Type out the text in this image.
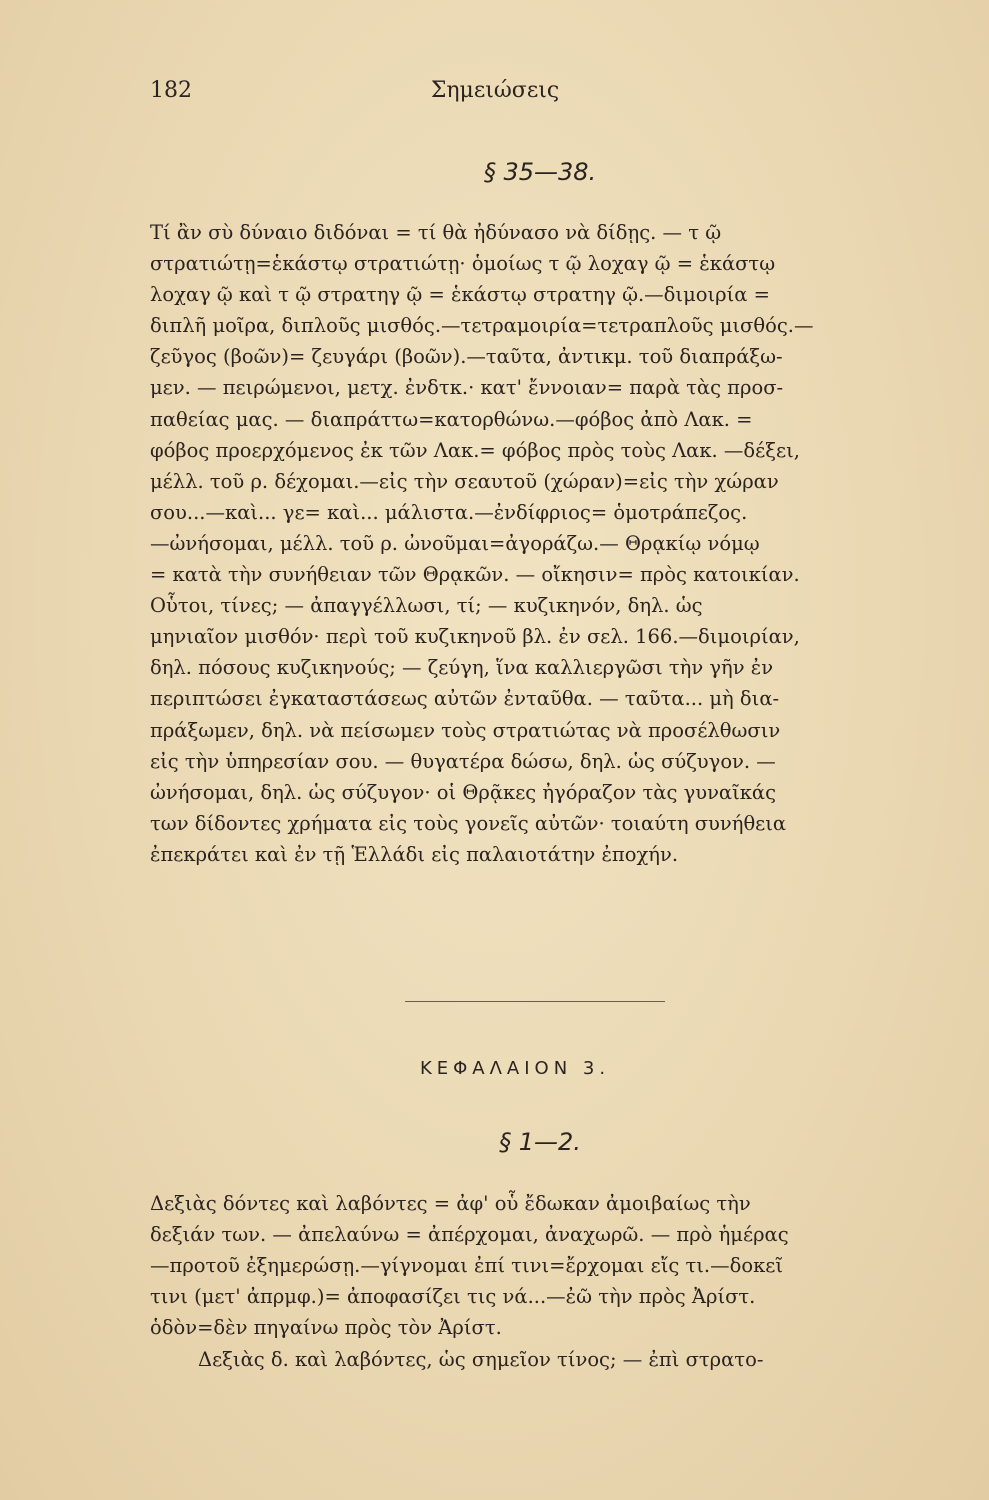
182	Σημειώσεις
§ 35—38.

Τί ἂν σὺ δύναιο διδόναι = τί θὰ ἠδύνασο νὰ δίδῃς. — τ ῷ
στρατιώτῃ=ἑκάστῳ στρατιώτῃ· ὁμοίως τ ῷ λοχαγ ῷ = ἑκάστῳ
λοχαγ ῷ καὶ τ ῷ στρατηγ ῷ = ἑκάστῳ στρατηγ ῷ.—διμοιρία =
διπλῆ μοῖρα, διπλοῦς μισθός.—τετραμοιρία=τετραπλοῦς μισθός.—
ζεῦγος (βοῶν)= ζευγάρι (βοῶν).—ταῦτα, ἀντικμ. τοῦ διαπράξω-
μεν. — πειρώμενοι, μετχ. ἐνδτκ.· κατ' ἔννοιαν= παρὰ τὰς προσ-
παθείας μας. — διαπράττω=κατορθώνω.—φόβος ἀπὸ Λακ. =
φόβος προερχόμενος ἐκ τῶν Λακ.= φόβος πρὸς τοὺς Λακ. —δέξει,
μέλλ. τοῦ ρ. δέχομαι.—εἰς τὴν σεαυτοῦ (χώραν)=εἰς τὴν χώραν
σου...—καὶ... γε= καὶ... μάλιστα.—ἐνδίφριος= ὁμοτράπεζος.
—ὠνήσομαι, μέλλ. τοῦ ρ. ὠνοῦμαι=ἀγοράζω.— Θρᾳκίῳ νόμῳ
= κατὰ τὴν συνήθειαν τῶν Θρᾳκῶν. — οἴκησιν= πρὸς κατοικίαν.
Οὗτοι, τίνες; — ἀπαγγέλλωσι, τί; — κυζικηνόν, δηλ. ὡς
μηνιαῖον μισθόν· περὶ τοῦ κυζικηνοῦ βλ. ἐν σελ. 166.—διμοιρίαν,
δηλ. πόσους κυζικηνούς; — ζεύγη, ἵνα καλλιεργῶσι τὴν γῆν ἐν
περιπτώσει ἐγκαταστάσεως αὐτῶν ἐνταῦθα. — ταῦτα... μὴ δια-
πράξωμεν, δηλ. νὰ πείσωμεν τοὺς στρατιώτας νὰ προσέλθωσιν
εἰς τὴν ὑπηρεσίαν σου. — θυγατέρα δώσω, δηλ. ὡς σύζυγον. —
ὠνήσομαι, δηλ. ὡς σύζυγον· οἱ Θρᾷκες ἠγόραζον τὰς γυναῖκάς
των δίδοντες χρήματα εἰς τοὺς γονεῖς αὐτῶν· τοιαύτη συνήθεια
ἐπεκράτει καὶ ἐν τῇ Ἑλλάδι εἰς παλαιοτάτην ἐποχήν.

ΚΕΦΑΛΑΙΟΝ 3.
§ 1—2.

Δεξιὰς δόντες καὶ λαβόντες = ἀφ' οὗ ἔδωκαν ἀμοιβαίως τὴν
δεξιάν των. — ἀπελαύνω = ἀπέρχομαι, ἀναχωρῶ. — πρὸ ἡμέρας
—προτοῦ ἐξημερώσῃ.—γίγνομαι ἐπί τινι=ἔρχομαι εἴς τι.—δοκεῖ
τινι (μετ' ἀπρμφ.)= ἀποφασίζει τις νά...—ἐῶ τὴν πρὸς Ἀρίστ.
ὁδὸν=δὲν πηγαίνω πρὸς τὸν Ἀρίστ.

Δεξιὰς δ. καὶ λαβόντες, ὡς σημεῖον τίνος; — ἐπὶ στρατο-
